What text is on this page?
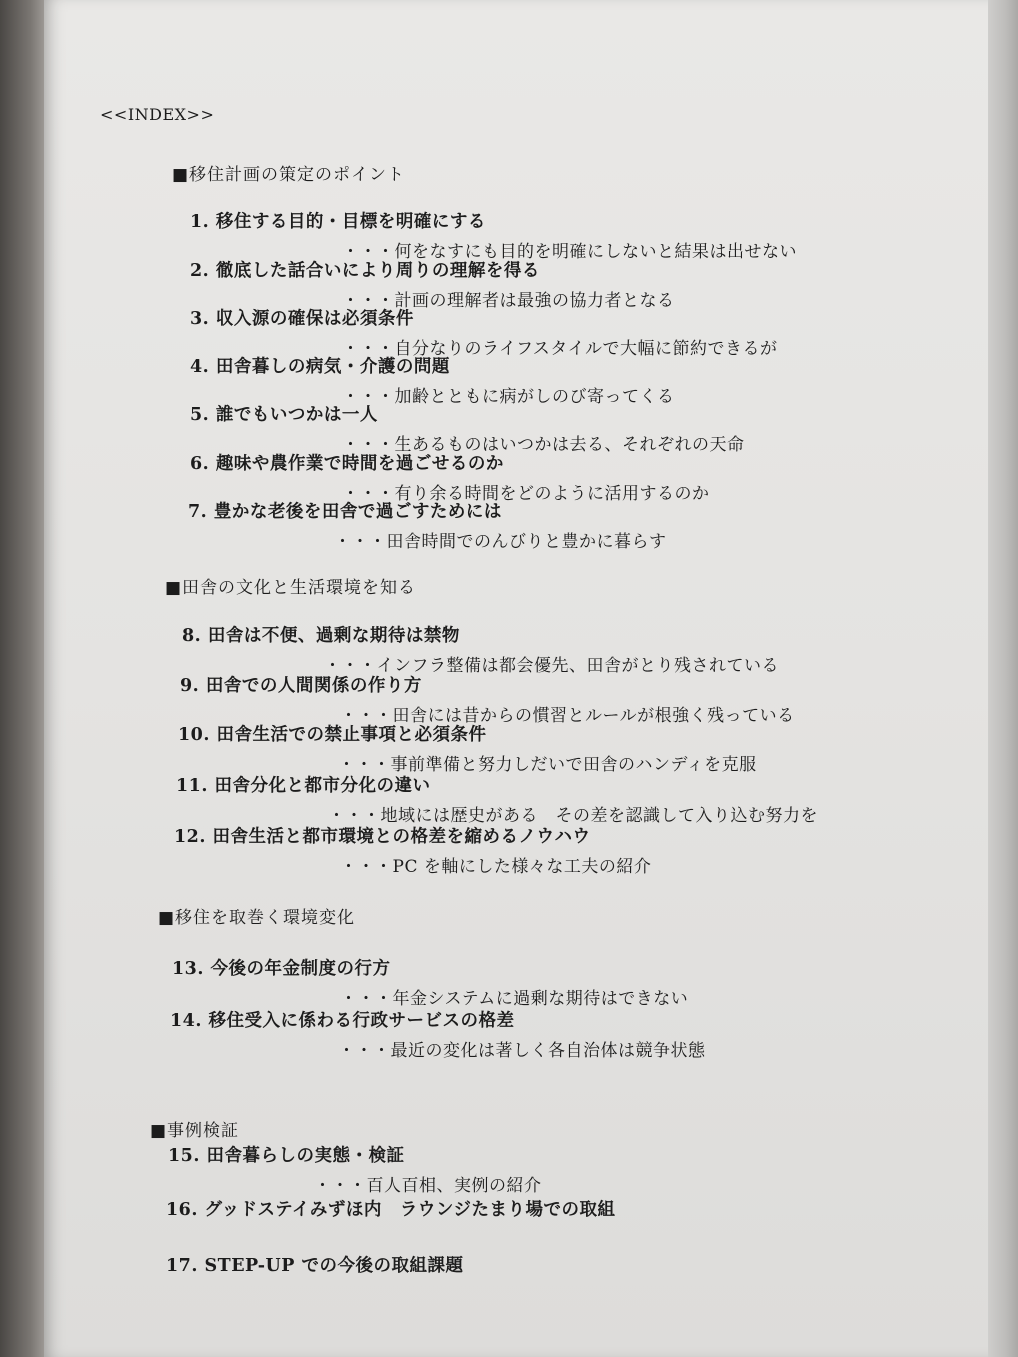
<<INDEX>>
■移住計画の策定のポイント
1. 移住する目的・目標を明確にする
・・・何をなすにも目的を明確にしないと結果は出せない
2. 徹底した話合いにより周りの理解を得る
・・・計画の理解者は最強の協力者となる
3. 収入源の確保は必須条件
・・・自分なりのライフスタイルで大幅に節約できるが
4. 田舎暮しの病気・介護の問題
・・・加齢とともに病がしのび寄ってくる
5. 誰でもいつかは一人
・・・生あるものはいつかは去る、それぞれの天命
6. 趣味や農作業で時間を過ごせるのか
・・・有り余る時間をどのように活用するのか
7. 豊かな老後を田舎で過ごすためには
・・・田舎時間でのんびりと豊かに暮らす
■田舎の文化と生活環境を知る
8. 田舎は不便、過剰な期待は禁物
・・・インフラ整備は都会優先、田舎がとり残されている
9. 田舎での人間関係の作り方
・・・田舎には昔からの慣習とルールが根強く残っている
10. 田舎生活での禁止事項と必須条件
・・・事前準備と努力しだいで田舎のハンディを克服
11. 田舎分化と都市分化の違い
・・・地域には歴史がある　その差を認識して入り込む努力を
12. 田舎生活と都市環境との格差を縮めるノウハウ
・・・PC を軸にした様々な工夫の紹介
■移住を取巻く環境変化
13. 今後の年金制度の行方
・・・年金システムに過剰な期待はできない
14. 移住受入に係わる行政サービスの格差
・・・最近の変化は著しく各自治体は競争状態
■事例検証
15. 田舎暮らしの実態・検証
・・・百人百相、実例の紹介
16. グッドステイみずほ内　ラウンジたまり場での取組
17. STEP-UP での今後の取組課題
